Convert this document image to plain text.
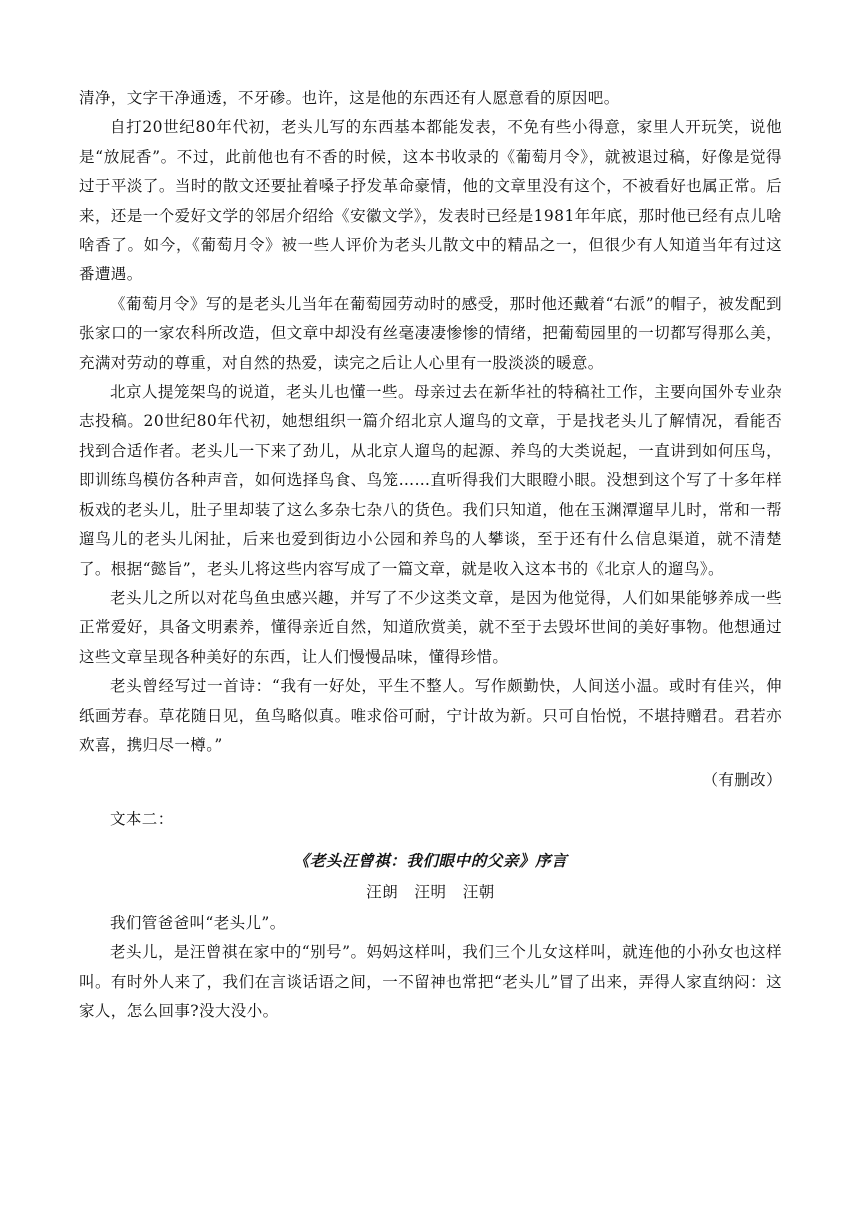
清净，文字干净通透，不牙碜。也许，这是他的东西还有人愿意看的原因吧。

自打20世纪80年代初，老头儿写的东西基本都能发表，不免有些小得意，家里人开玩笑，说他是“放屁香”。不过，此前他也有不香的时候，这本书收录的《葡萄月令》，就被退过稿，好像是觉得过于平淡了。当时的散文还要扯着嗓子抒发革命豪情，他的文章里没有这个，不被看好也属正常。后来，还是一个爱好文学的邻居介绍给《安徽文学》，发表时已经是1981年年底，那时他已经有点儿啥啥香了。如今，《葡萄月令》被一些人评价为老头儿散文中的精品之一，但很少有人知道当年有过这番遭遇。

《葡萄月令》写的是老头儿当年在葡萄园劳动时的感受，那时他还戴着“右派”的帽子，被发配到张家口的一家农科所改造，但文章中却没有丝毫凄凄惨惨的情绪，把葡萄园里的一切都写得那么美，充满对劳动的尊重，对自然的热爱，读完之后让人心里有一股淡淡的暖意。

北京人提笼架鸟的说道，老头儿也懂一些。母亲过去在新华社的特稿社工作，主要向国外专业杂志投稿。20世纪80年代初，她想组织一篇介绍北京人遛鸟的文章，于是找老头儿了解情况，看能否找到合适作者。老头儿一下来了劲儿，从北京人遛鸟的起源、养鸟的大类说起，一直讲到如何压鸟，即训练鸟模仿各种声音，如何选择鸟食、鸟笼……直听得我们大眼瞪小眼。没想到这个写了十多年样板戏的老头儿，肚子里却装了这么多杂七杂八的货色。我们只知道，他在玉渊潭遛早儿时，常和一帮遛鸟儿的老头儿闲扯，后来也爱到街边小公园和养鸟的人攀谈，至于还有什么信息渠道，就不清楚了。根据“懿旨”，老头儿将这些内容写成了一篇文章，就是收入这本书的《北京人的遛鸟》。

老头儿之所以对花鸟鱼虫感兴趣，并写了不少这类文章，是因为他觉得，人们如果能够养成一些正常爱好，具备文明素养，懂得亲近自然，知道欣赏美，就不至于去毁坏世间的美好事物。他想通过这些文章呈现各种美好的东西，让人们慢慢品味，懂得珍惜。

老头曾经写过一首诗：“我有一好处，平生不整人。写作颇勤快，人间送小温。或时有佳兴，伸纸画芳春。草花随日见，鱼鸟略似真。唯求俗可耐，宁计故为新。只可自怡悦，不堪持赠君。君若亦欢喜，携归尽一樽。”

（有删改）

文本二：

《老头汪曾祺：我们眼中的父亲》序言

汪朗　汪明　汪朝

我们管爸爸叫“老头儿”。

老头儿，是汪曾祺在家中的“别号”。妈妈这样叫，我们三个儿女这样叫，就连他的小孙女也这样叫。有时外人来了，我们在言谈话语之间，一不留神也常把“老头儿”冒了出来，弄得人家直纳闷：这家人，怎么回事?没大没小。
